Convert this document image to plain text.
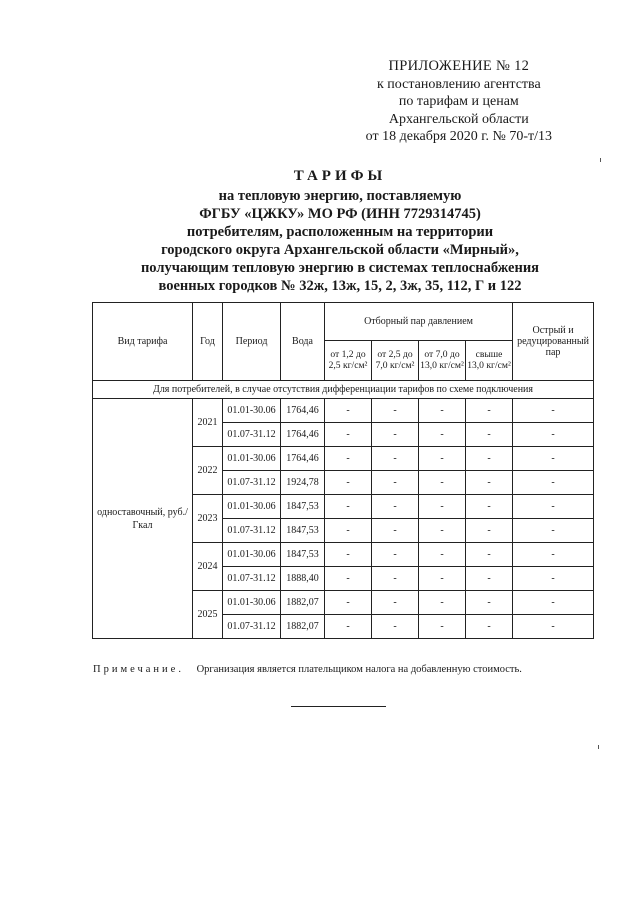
ПРИЛОЖЕНИЕ № 12
к постановлению агентства
по тарифам и ценам
Архангельской области
от 18 декабря 2020 г. № 70-т/13
ТАРИФЫ
на тепловую энергию, поставляемую
ФГБУ «ЦЖКУ» МО РФ (ИНН 7729314745)
потребителям, расположенным на территории
городского округа Архангельской области «Мирный»,
получающим тепловую энергию в системах теплоснабжения
военных городков № 32ж, 13ж, 15, 2, 3ж, 35, 112, Г и 122
Вид тарифа	Год	Период	Вода	Отборный пар давлением				Острый и редуцированный пар
				от 1,2 до 2,5 кг/см²	от 2,5 до 7,0 кг/см²	от 7,0 до 13,0 кг/см²	свыше 13,0 кг/см²	
Для потребителей, в случае отсутствия дифференциации тарифов по схеме подключения								
одноставочный, руб./Гкал	2021	01.01-30.06	1764,46	-	-	-	-	-
		01.07-31.12	1764,46	-	-	-	-	-
	2022	01.01-30.06	1764,46	-	-	-	-	-
		01.07-31.12	1924,78	-	-	-	-	-
	2023	01.01-30.06	1847,53	-	-	-	-	-
		01.07-31.12	1847,53	-	-	-	-	-
	2024	01.01-30.06	1847,53	-	-	-	-	-
		01.07-31.12	1888,40	-	-	-	-	-
	2025	01.01-30.06	1882,07	-	-	-	-	-
		01.07-31.12	1882,07	-	-	-	-	-
Примечание. Организация является плательщиком налога на добавленную стоимость.
